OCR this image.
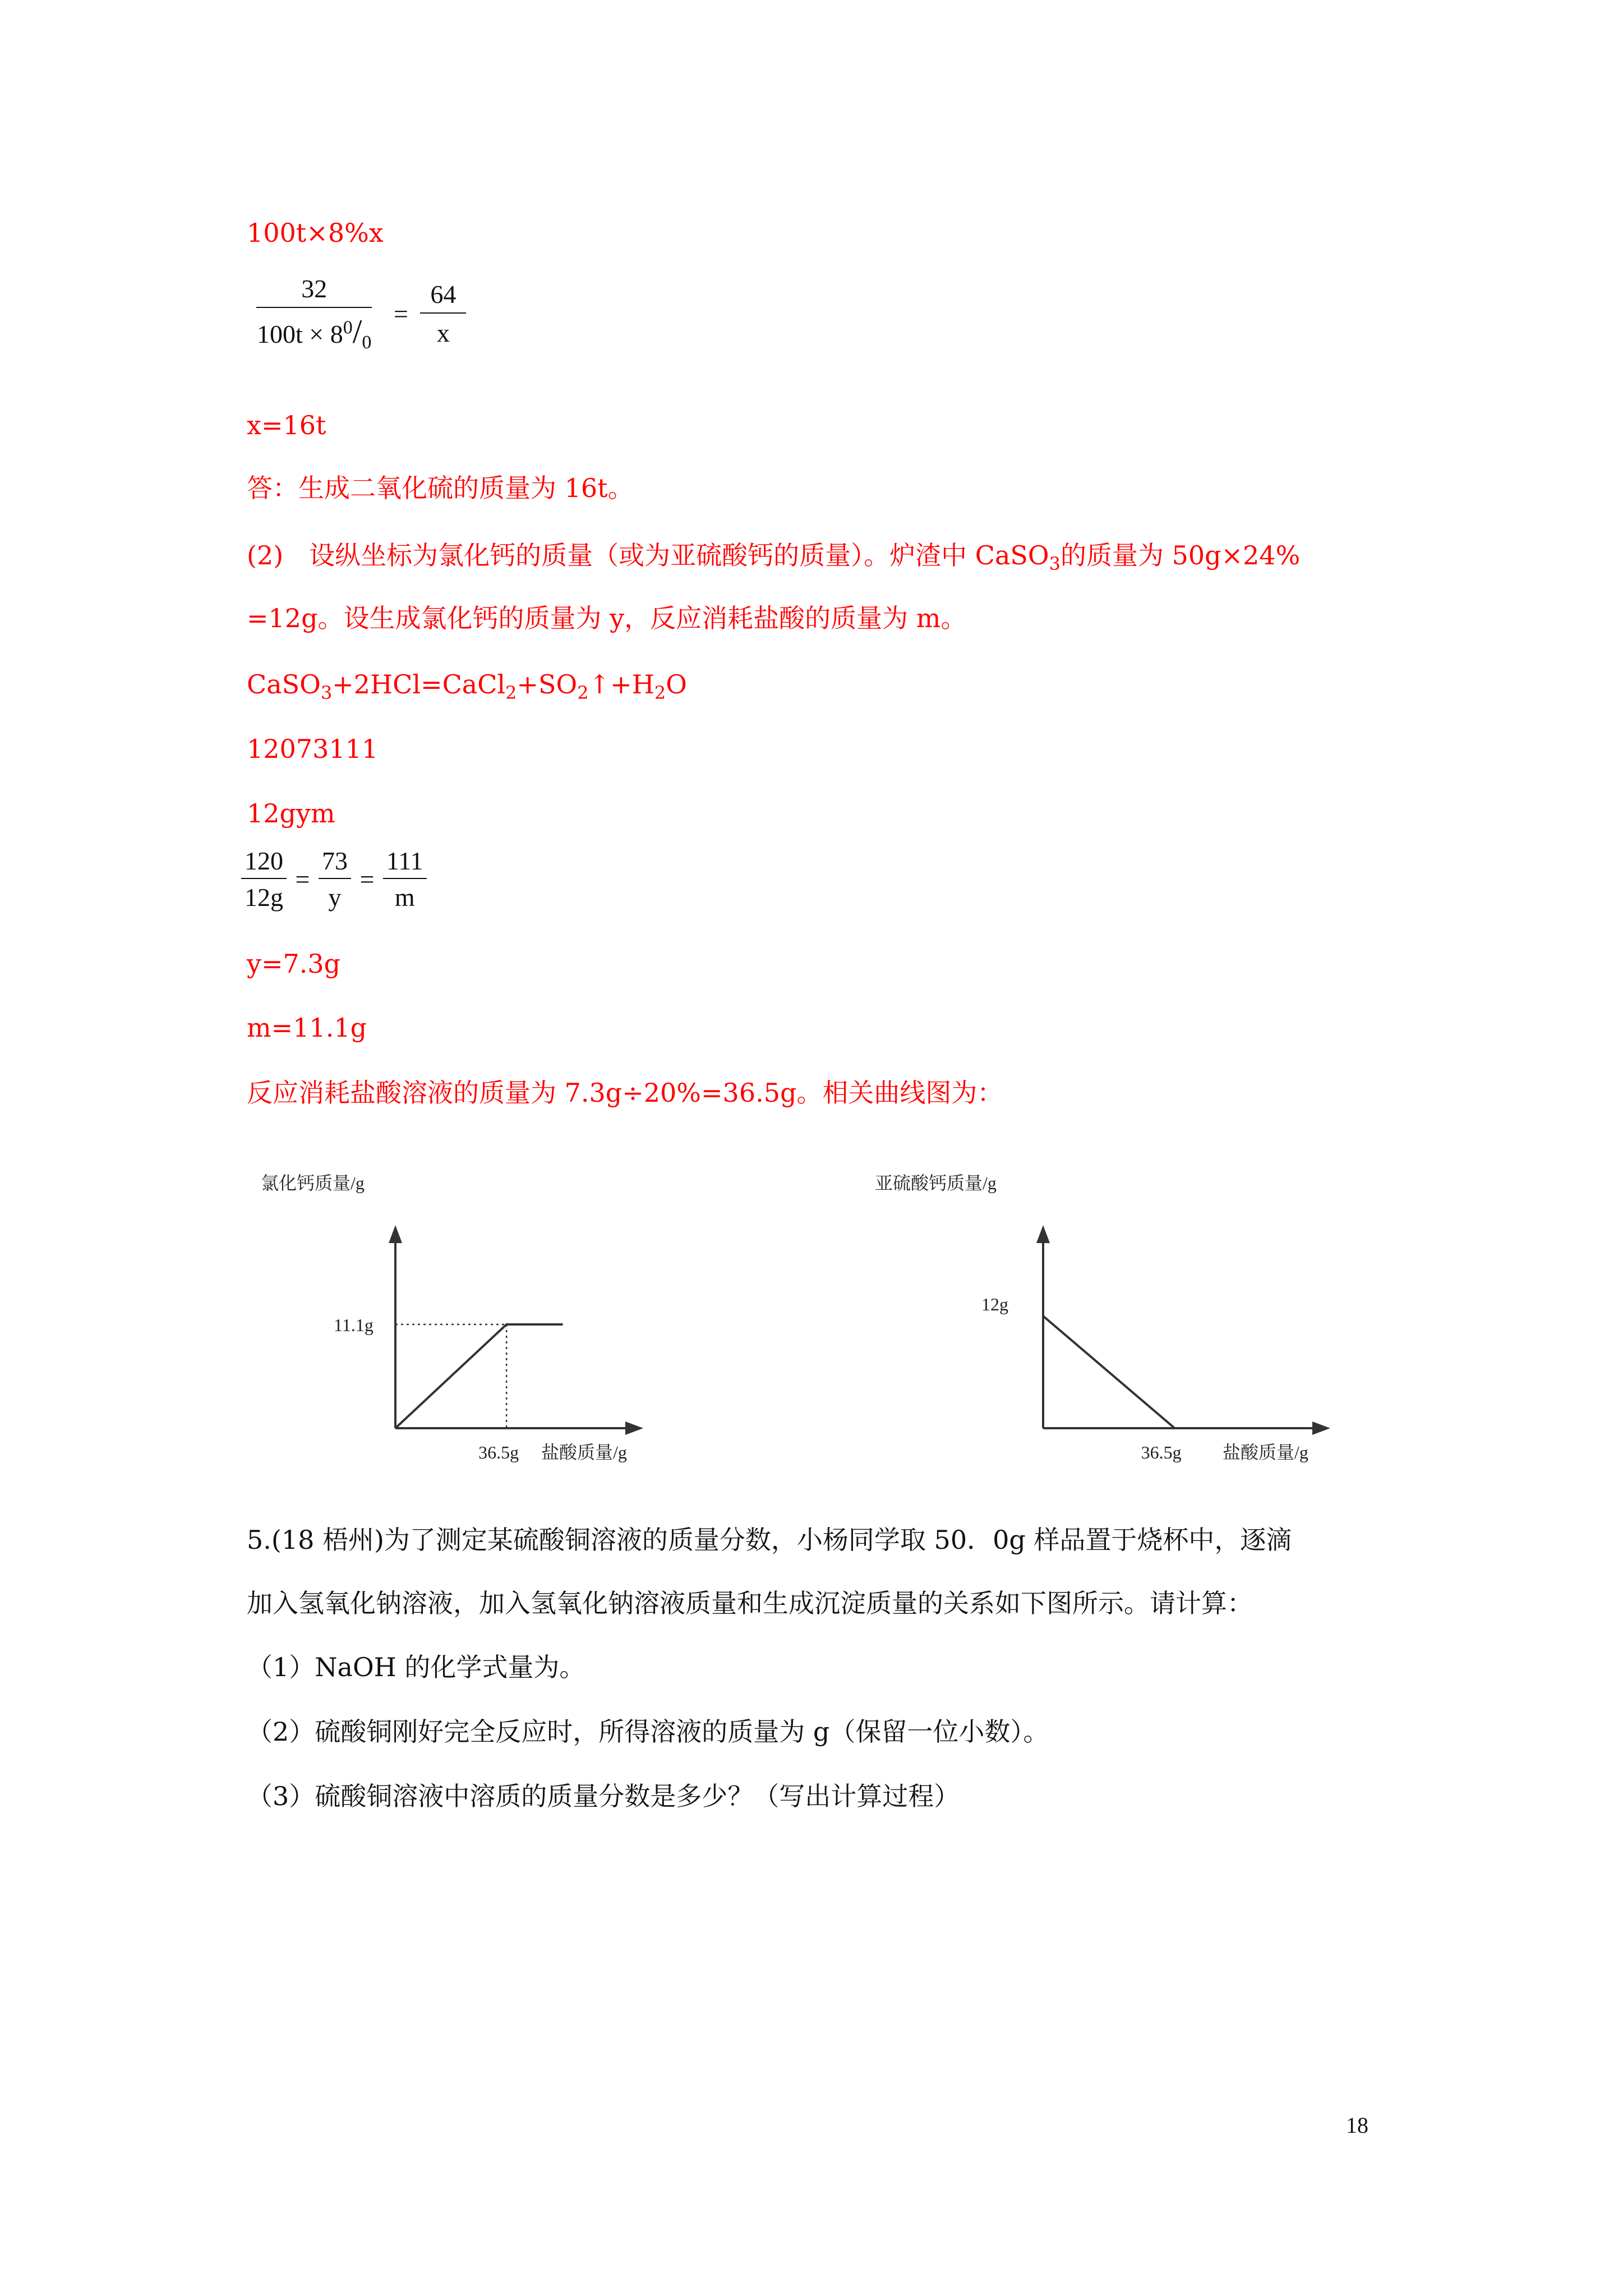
100t×8%x
$\frac{32}{100t \times 8^0/_0} = \frac{64}{x}$
x=16t
答：生成二氧化硫的质量为 16t。
(2)　设纵坐标为氯化钙的质量（或为亚硫酸钙的质量）。炉渣中 CaSO$_3$的质量为 50g×24%
=12g。设生成氯化钙的质量为 y，反应消耗盐酸的质量为 m。
$CaSO_3+2HCl=CaCl_2+SO_2↑+H_2O$
12073111
12gym
$\frac{120}{12g} = \frac{73}{y} = \frac{111}{m}$
y=7.3g
m=11.1g
反应消耗盐酸溶液的质量为 7.3g÷20%=36.5g。相关曲线图为：
氯化钙质量/g
盐酸质量/g
11.1g
36.5g
亚硫酸钙质量/g
盐酸质量/g
12g
36.5g
5.(18 梧州)为了测定某硫酸铜溶液的质量分数，小杨同学取 50．0g 样品置于烧杯中，逐滴
加入氢氧化钠溶液，加入氢氧化钠溶液质量和生成沉淀质量的关系如下图所示。请计算：
（1）NaOH 的化学式量为。
（2）硫酸铜刚好完全反应时，所得溶液的质量为 g（保留一位小数）。
（3）硫酸铜溶液中溶质的质量分数是多少？（写出计算过程）
18
